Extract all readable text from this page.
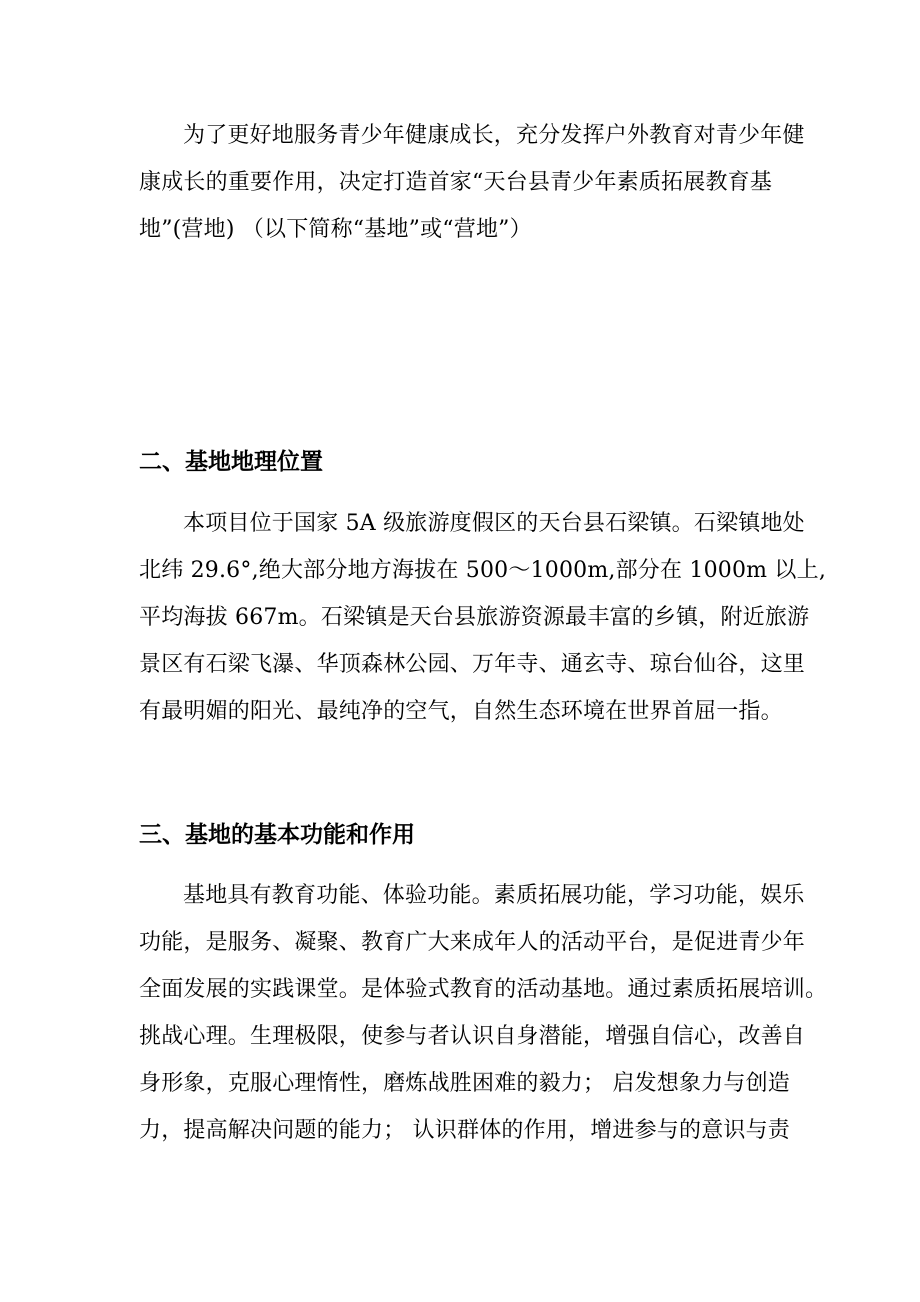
为了更好地服务青少年健康成长，充分发挥户外教育对青少年健

康成长的重要作用，决定打造首家“天台县青少年素质拓展教育基

地”(营地) （以下简称“基地”或“营地”）

二、基地地理位置

本项目位于国家 5A 级旅游度假区的天台县石梁镇。石梁镇地处

北纬 29.6°,绝大部分地方海拔在 500～1000m,部分在 1000m 以上,

平均海拔 667m。石梁镇是天台县旅游资源最丰富的乡镇，附近旅游

景区有石梁飞瀑、华顶森林公园、万年寺、通玄寺、琼台仙谷，这里

有最明媚的阳光、最纯净的空气，自然生态环境在世界首屈一指。

三、基地的基本功能和作用

基地具有教育功能、体验功能。素质拓展功能，学习功能，娱乐

功能，是服务、凝聚、教育广大来成年人的活动平台，是促进青少年

全面发展的实践课堂。是体验式教育的活动基地。通过素质拓展培训。

挑战心理。生理极限，使参与者认识自身潜能，增强自信心，改善自

身形象，克服心理惰性，磨炼战胜困难的毅力； 启发想象力与创造

力，提高解决问题的能力； 认识群体的作用，增进参与的意识与责
